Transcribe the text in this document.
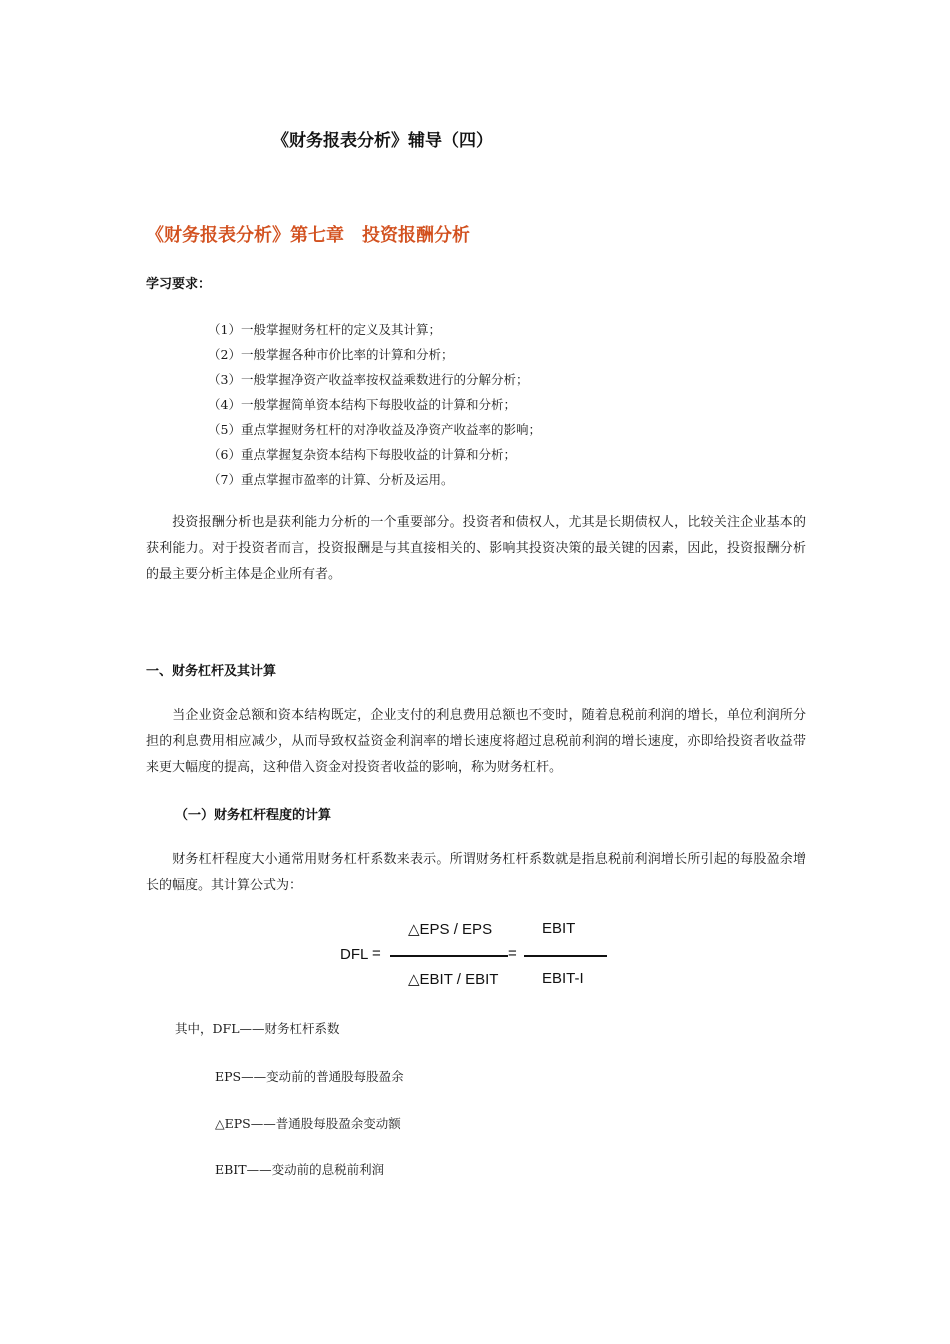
《财务报表分析》辅导（四）
《财务报表分析》第七章　投资报酬分析
学习要求：
（1）一般掌握财务杠杆的定义及其计算；
（2）一般掌握各种市价比率的计算和分析；
（3）一般掌握净资产收益率按权益乘数进行的分解分析；
（4）一般掌握简单资本结构下每股收益的计算和分析；
（5）重点掌握财务杠杆的对净收益及净资产收益率的影响；
（6）重点掌握复杂资本结构下每股收益的计算和分析；
（7）重点掌握市盈率的计算、分析及运用。
投资报酬分析也是获利能力分析的一个重要部分。投资者和债权人，尤其是长期债权人，比较关注企业基本的获利能力。对于投资者而言，投资报酬是与其直接相关的、影响其投资决策的最关键的因素，因此，投资报酬分析的最主要分析主体是企业所有者。
一、财务杠杆及其计算
当企业资金总额和资本结构既定，企业支付的利息费用总额也不变时，随着息税前利润的增长，单位利润所分担的利息费用相应减少，从而导致权益资金利润率的增长速度将超过息税前利润的增长速度，亦即给投资者收益带来更大幅度的提高，这种借入资金对投资者收益的影响，称为财务杠杆。
（一）财务杠杆程度的计算
财务杠杆程度大小通常用财务杠杆系数来表示。所谓财务杠杆系数就是指息税前利润增长所引起的每股盈余增长的幅度。其计算公式为：
DFL =
△EPS / EPS
△EBIT / EBIT
=
EBIT
EBIT-I
其中，DFL——财务杠杆系数
EPS——变动前的普通股每股盈余
△EPS——普通股每股盈余变动额
EBIT——变动前的息税前利润
